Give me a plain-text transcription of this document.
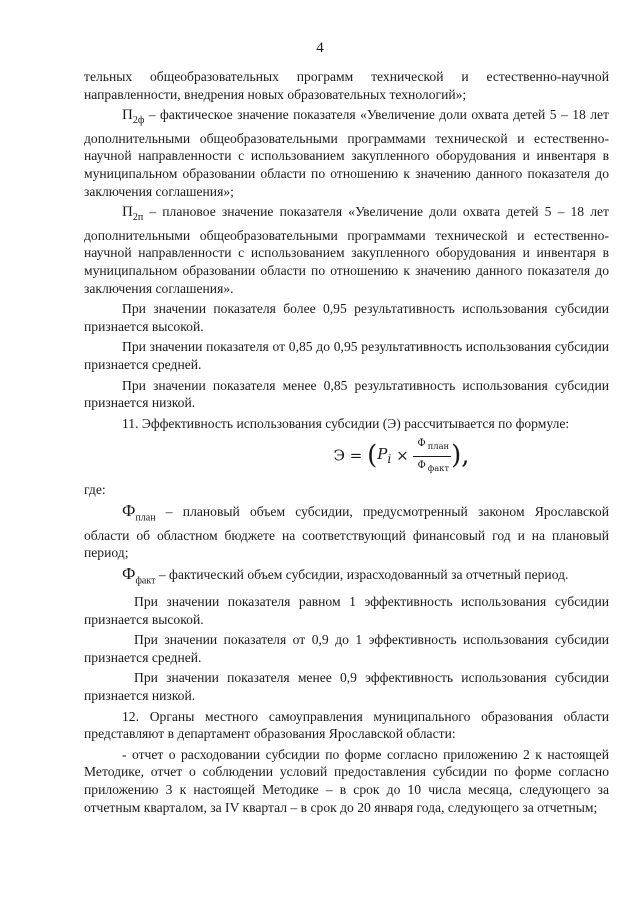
4

тельных общеобразовательных программ технической и естественно-научной направленности, внедрения новых образовательных технологий»;

$П_{2ф}$ – фактическое значение показателя «Увеличение доли охвата детей 5 – 18 лет дополнительными общеобразовательными программами технической и естественно-научной направленности с использованием закупленного оборудования и инвентаря в муниципальном образовании области по отношению к значению данного показателя до заключения соглашения»;

$П_{2п}$ – плановое значение показателя «Увеличение доли охвата детей 5 – 18 лет дополнительными общеобразовательными программами технической и естественно-научной направленности с использованием закупленного оборудования и инвентаря в муниципальном образовании области по отношению к значению данного показателя до заключения соглашения».

При значении показателя более 0,95 результативность использования субсидии признается высокой.

При значении показателя от 0,85 до 0,95 результативность использования субсидии признается средней.

При значении показателя менее 0,85 результативность использования субсидии признается низкой.

11. Эффективность использования субсидии (Э) рассчитывается по формуле:

$Э = (P_i \times \frac{Ф _{план}}{Ф _{факт}}$ ),

где:

$Ф_{план}$ – плановый объем субсидии, предусмотренный законом Ярославской области об областном бюджете на соответствующий финансовый год и на плановый период;

$Ф_{факт}$ – фактический объем субсидии, израсходованный за отчетный период.

При значении показателя равном 1 эффективность использования субсидии признается высокой.

При значении показателя от 0,9 до 1 эффективность использования субсидии признается средней.

При значении показателя менее 0,9 эффективность использования субсидии признается низкой.

12. Органы местного самоуправления муниципального образования области представляют в департамент образования Ярославской области:

- отчет о расходовании субсидии по форме согласно приложению 2 к настоящей Методике, отчет о соблюдении условий предоставления субсидии по форме согласно приложению 3 к настоящей Методике – в срок до 10 числа месяца, следующего за отчетным кварталом, за IV квартал – в срок до 20 января года, следующего за отчетным;
